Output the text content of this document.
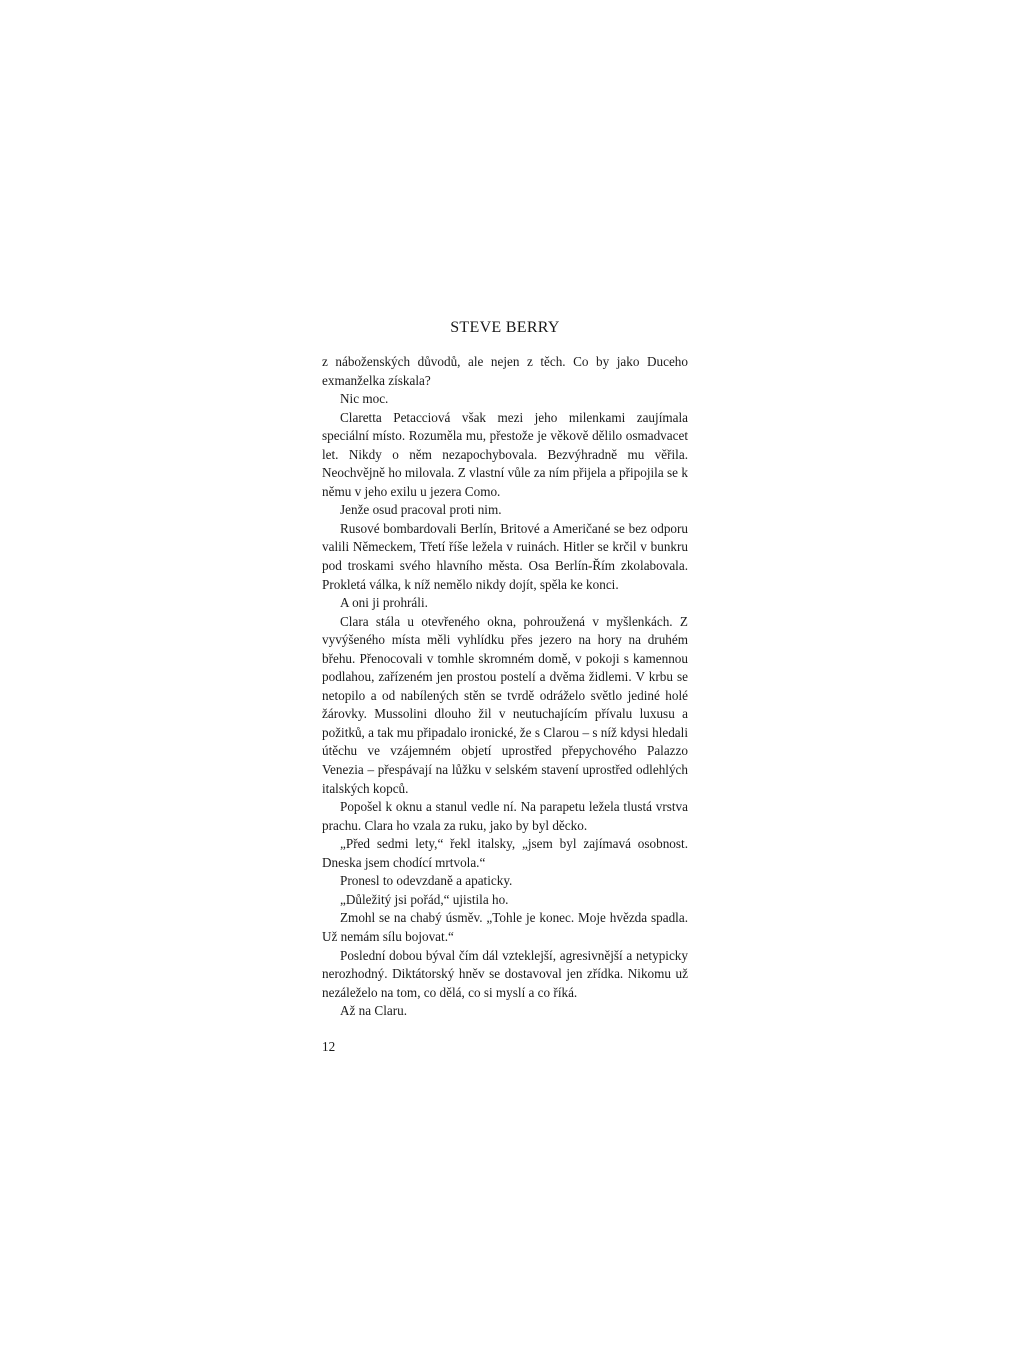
STEVE BERRY

z náboženských důvodů, ale nejen z těch. Co by jako Duceho exmanželka získala?

Nic moc.

Claretta Petacciová však mezi jeho milenkami zaujímala speciální místo. Rozuměla mu, přestože je věkově dělilo osmadvacet let. Nikdy o něm nezapochybovala. Bezvýhradně mu věřila. Neochvějně ho milovala. Z vlastní vůle za ním přijela a připojila se k němu v jeho exilu u jezera Como.

Jenže osud pracoval proti nim.

Rusové bombardovali Berlín, Britové a Američané se bez odporu valili Německem, Třetí říše ležela v ruinách. Hitler se krčil v bunkru pod troskami svého hlavního města. Osa Berlín-Řím zkolabovala. Prokletá válka, k níž nemělo nikdy dojít, spěla ke konci.

A oni ji prohráli.

Clara stála u otevřeného okna, pohroužená v myšlenkách. Z vyvýšeného místa měli vyhlídku přes jezero na hory na druhém břehu. Přenocovali v tomhle skromném domě, v pokoji s kamennou podlahou, zařízeném jen prostou postelí a dvěma židlemi. V krbu se netopilo a od nabílených stěn se tvrdě odráželo světlo jediné holé žárovky. Mussolini dlouho žil v neutuchajícím přívalu luxusu a požitků, a tak mu připadalo ironické, že s Clarou – s níž kdysi hledali útěchu ve vzájemném objetí uprostřed přepychového Palazzo Venezia – přespávají na lůžku v selském stavení uprostřed odlehlých italských kopců.

Popošel k oknu a stanul vedle ní. Na parapetu ležela tlustá vrstva prachu. Clara ho vzala za ruku, jako by byl děcko.

„Před sedmi lety,“ řekl italsky, „jsem byl zajímavá osobnost. Dneska jsem chodící mrtvola.“

Pronesl to odevzdaně a apaticky.

„Důležitý jsi pořád,“ ujistila ho.

Zmohl se na chabý úsměv. „Tohle je konec. Moje hvězda spadla. Už nemám sílu bojovat.“

Poslední dobou býval čím dál vzteklejší, agresivnější a netypicky nerozhodný. Diktátorský hněv se dostavoval jen zřídka. Nikomu už nezáleželo na tom, co dělá, co si myslí a co říká.

Až na Claru.

12
